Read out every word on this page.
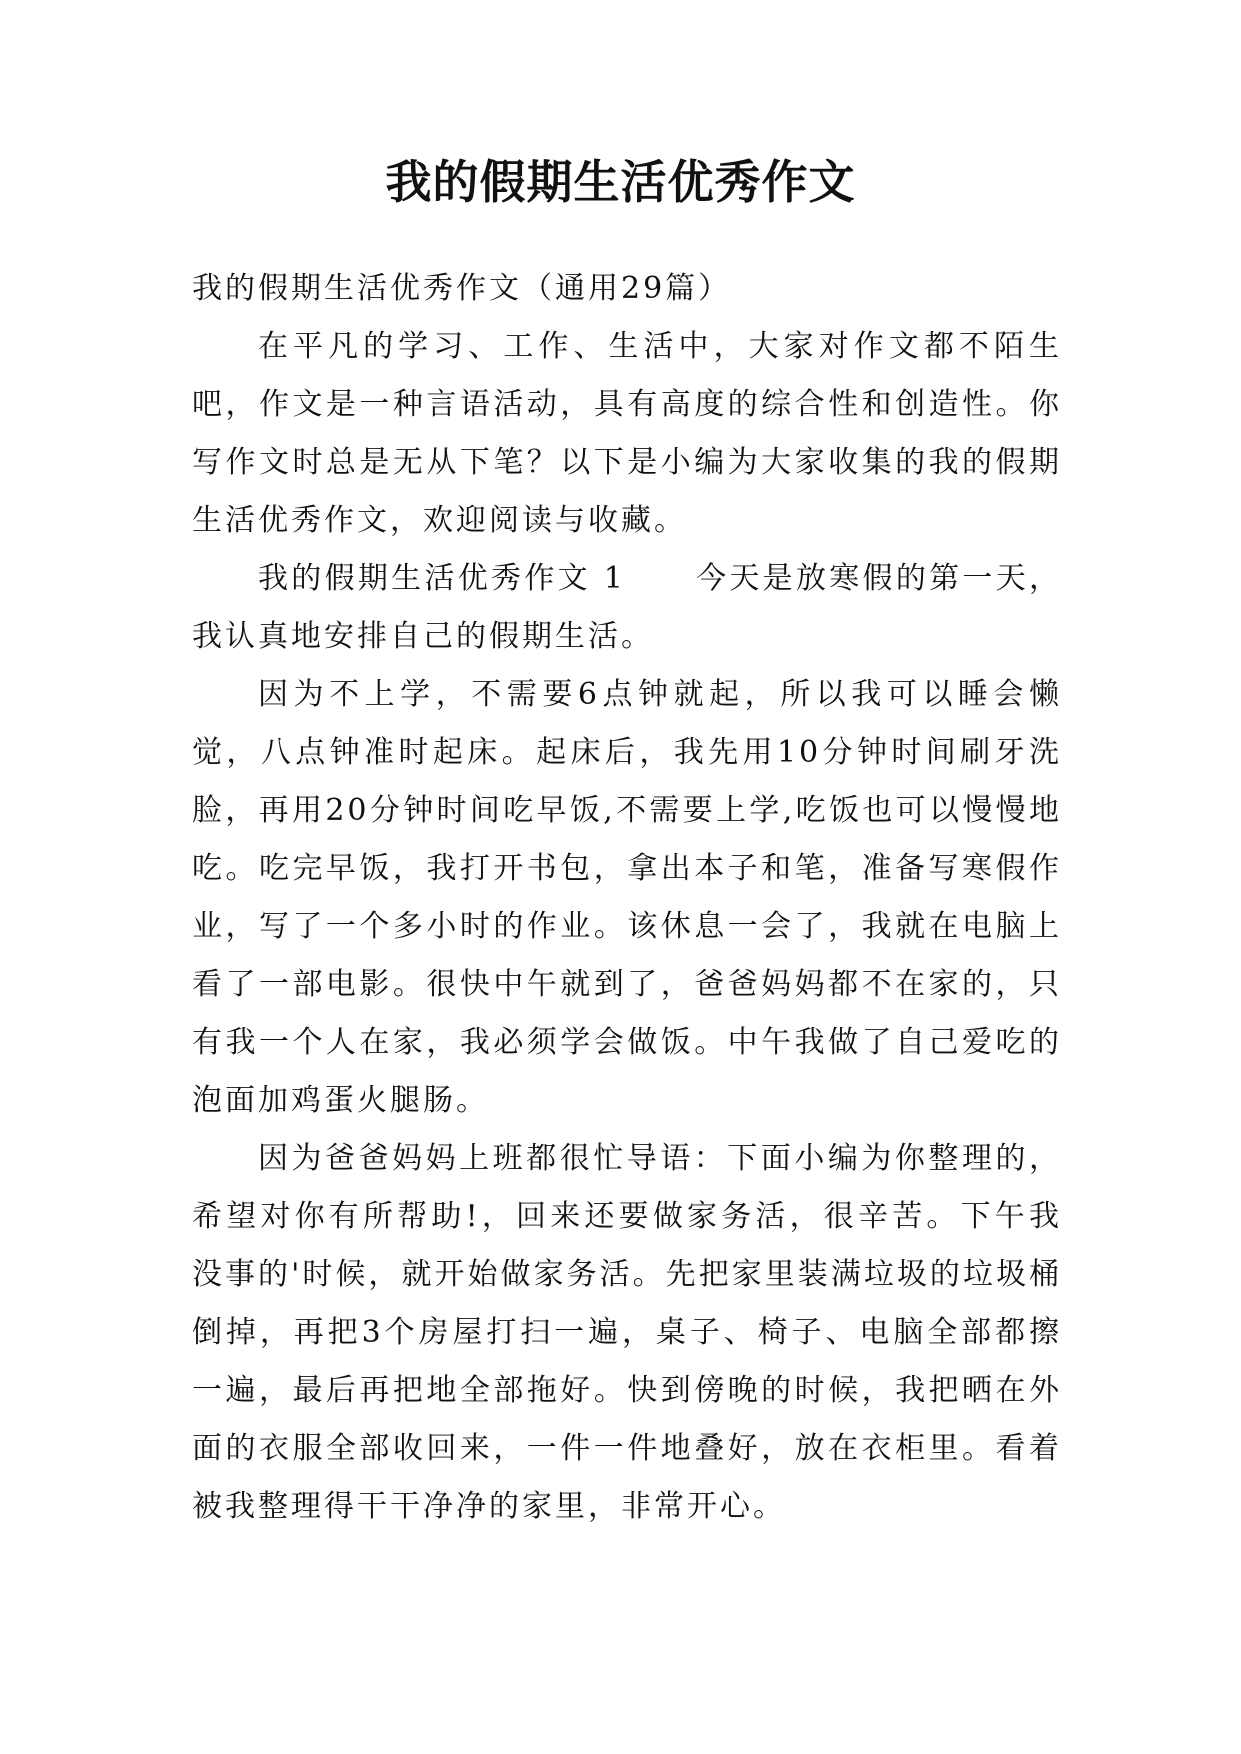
我的假期生活优秀作文

我的假期生活优秀作文（通用29篇）

在平凡的学习、工作、生活中，大家对作文都不陌生吧，作文是一种言语活动，具有高度的综合性和创造性。你写作文时总是无从下笔？以下是小编为大家收集的我的假期生活优秀作文，欢迎阅读与收藏。

我的假期生活优秀作文 1 今天是放寒假的第一天，我认真地安排自己的假期生活。

因为不上学，不需要6点钟就起，所以我可以睡会懒觉，八点钟准时起床。起床后，我先用10分钟时间刷牙洗脸，再用20分钟时间吃早饭,不需要上学,吃饭也可以慢慢地吃。吃完早饭，我打开书包，拿出本子和笔，准备写寒假作业，写了一个多小时的作业。该休息一会了，我就在电脑上看了一部电影。很快中午就到了，爸爸妈妈都不在家的，只有我一个人在家，我必须学会做饭。中午我做了自己爱吃的泡面加鸡蛋火腿肠。

因为爸爸妈妈上班都很忙导语：下面小编为你整理的，希望对你有所帮助!，回来还要做家务活，很辛苦。下午我没事的'时候，就开始做家务活。先把家里装满垃圾的垃圾桶倒掉，再把3个房屋打扫一遍，桌子、椅子、电脑全部都擦一遍，最后再把地全部拖好。快到傍晚的时候，我把晒在外面的衣服全部收回来，一件一件地叠好，放在衣柜里。看着被我整理得干干净净的家里，非常开心。
